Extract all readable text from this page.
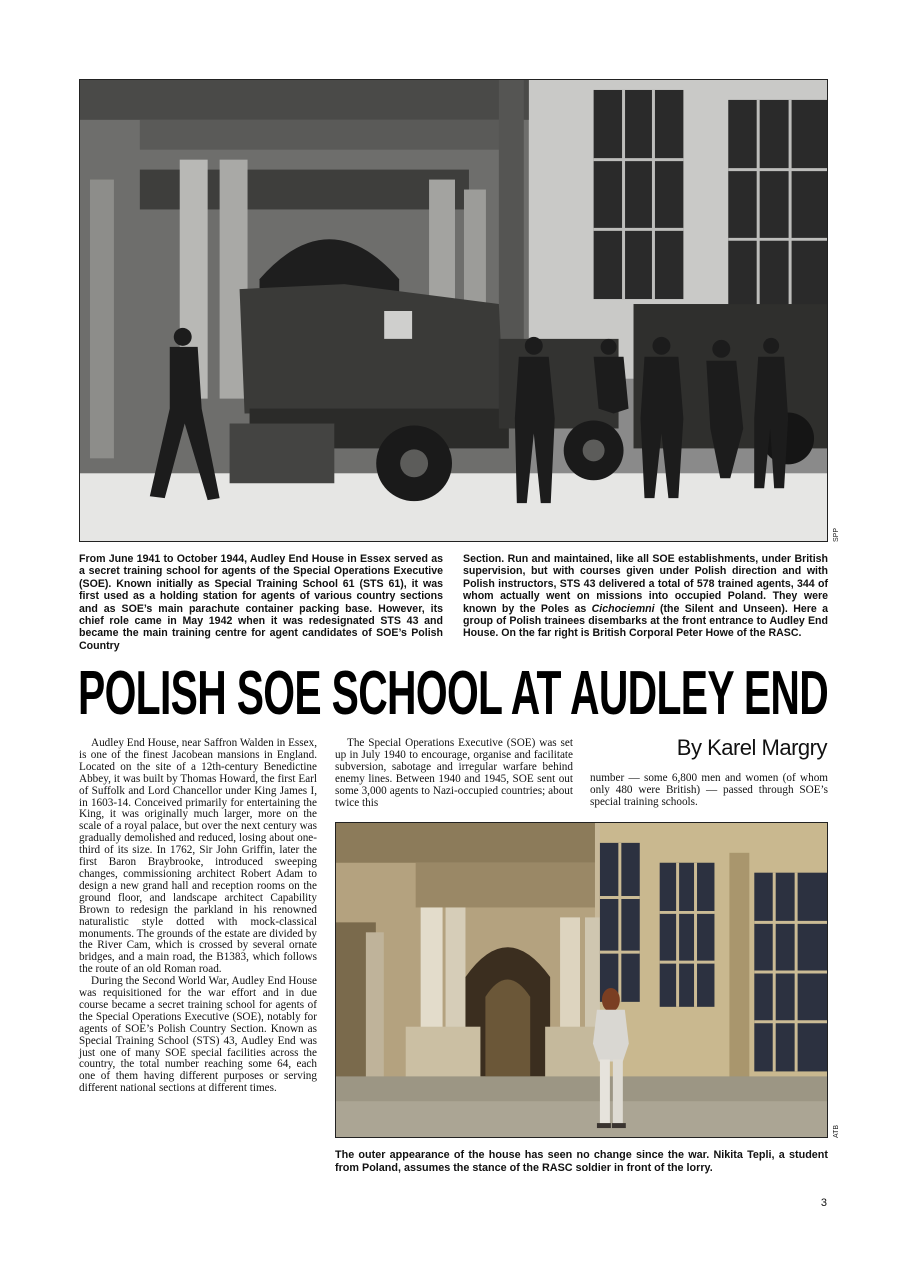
SPP
From June 1941 to October 1944, Audley End House in Essex served as a secret training school for agents of the Special Operations Executive (SOE). Known initially as Special Training School 61 (STS 61), it was first used as a holding station for agents of various country sections and as SOE’s main parachute container packing base. However, its chief role came in May 1942 when it was redesignated STS 43 and became the main training centre for agent candidates of SOE’s Polish Country
Section. Run and maintained, like all SOE establishments, under British supervision, but with courses given under Polish direction and with Polish instructors, STS 43 delivered a total of 578 trained agents, 344 of whom actually went on missions into occupied Poland. They were known by the Poles as Cichociemni (the Silent and Unseen). Here a group of Polish trainees disembarks at the front entrance to Audley End House. On the far right is British Corporal Peter Howe of the RASC.
POLISH SOE SCHOOL AT AUDLEY END
By Karel Margry

Audley End House, near Saffron Walden in Essex, is one of the finest Jacobean mansions in England. Located on the site of a 12th-century Benedictine Abbey, it was built by Thomas Howard, the first Earl of Suffolk and Lord Chancellor under King James I, in 1603-14. Conceived primarily for entertaining the King, it was originally much larger, more on the scale of a royal palace, but over the next century was gradually demolished and reduced, losing about one-third of its size. In 1762, Sir John Griffin, later the first Baron Braybrooke, introduced sweeping changes, commissioning architect Robert Adam to design a new grand hall and reception rooms on the ground floor, and landscape architect Capability Brown to redesign the parkland in his renowned naturalistic style dotted with mock-classical monuments. The grounds of the estate are divided by the River Cam, which is crossed by several ornate bridges, and a main road, the B1383, which follows the route of an old Roman road.

During the Second World War, Audley End House was requisitioned for the war effort and in due course became a secret training school for agents of the Special Operations Executive (SOE), notably for agents of SOE’s Polish Country Section. Known as Special Training School (STS) 43, Audley End was just one of many SOE special facilities across the country, the total number reaching some 64, each one of them having different purposes or serving different national sections at different times.

The Special Operations Executive (SOE) was set up in July 1940 to encourage, organise and facilitate subversion, sabotage and irregular warfare behind enemy lines. Between 1940 and 1945, SOE sent out some 3,000 agents to Nazi-occupied countries; about twice this

number — some 6,800 men and women (of whom only 480 were British) — passed through SOE’s special training schools.

ATB
The outer appearance of the house has seen no change since the war. Nikita Tepli, a student from Poland, assumes the stance of the RASC soldier in front of the lorry.
3
